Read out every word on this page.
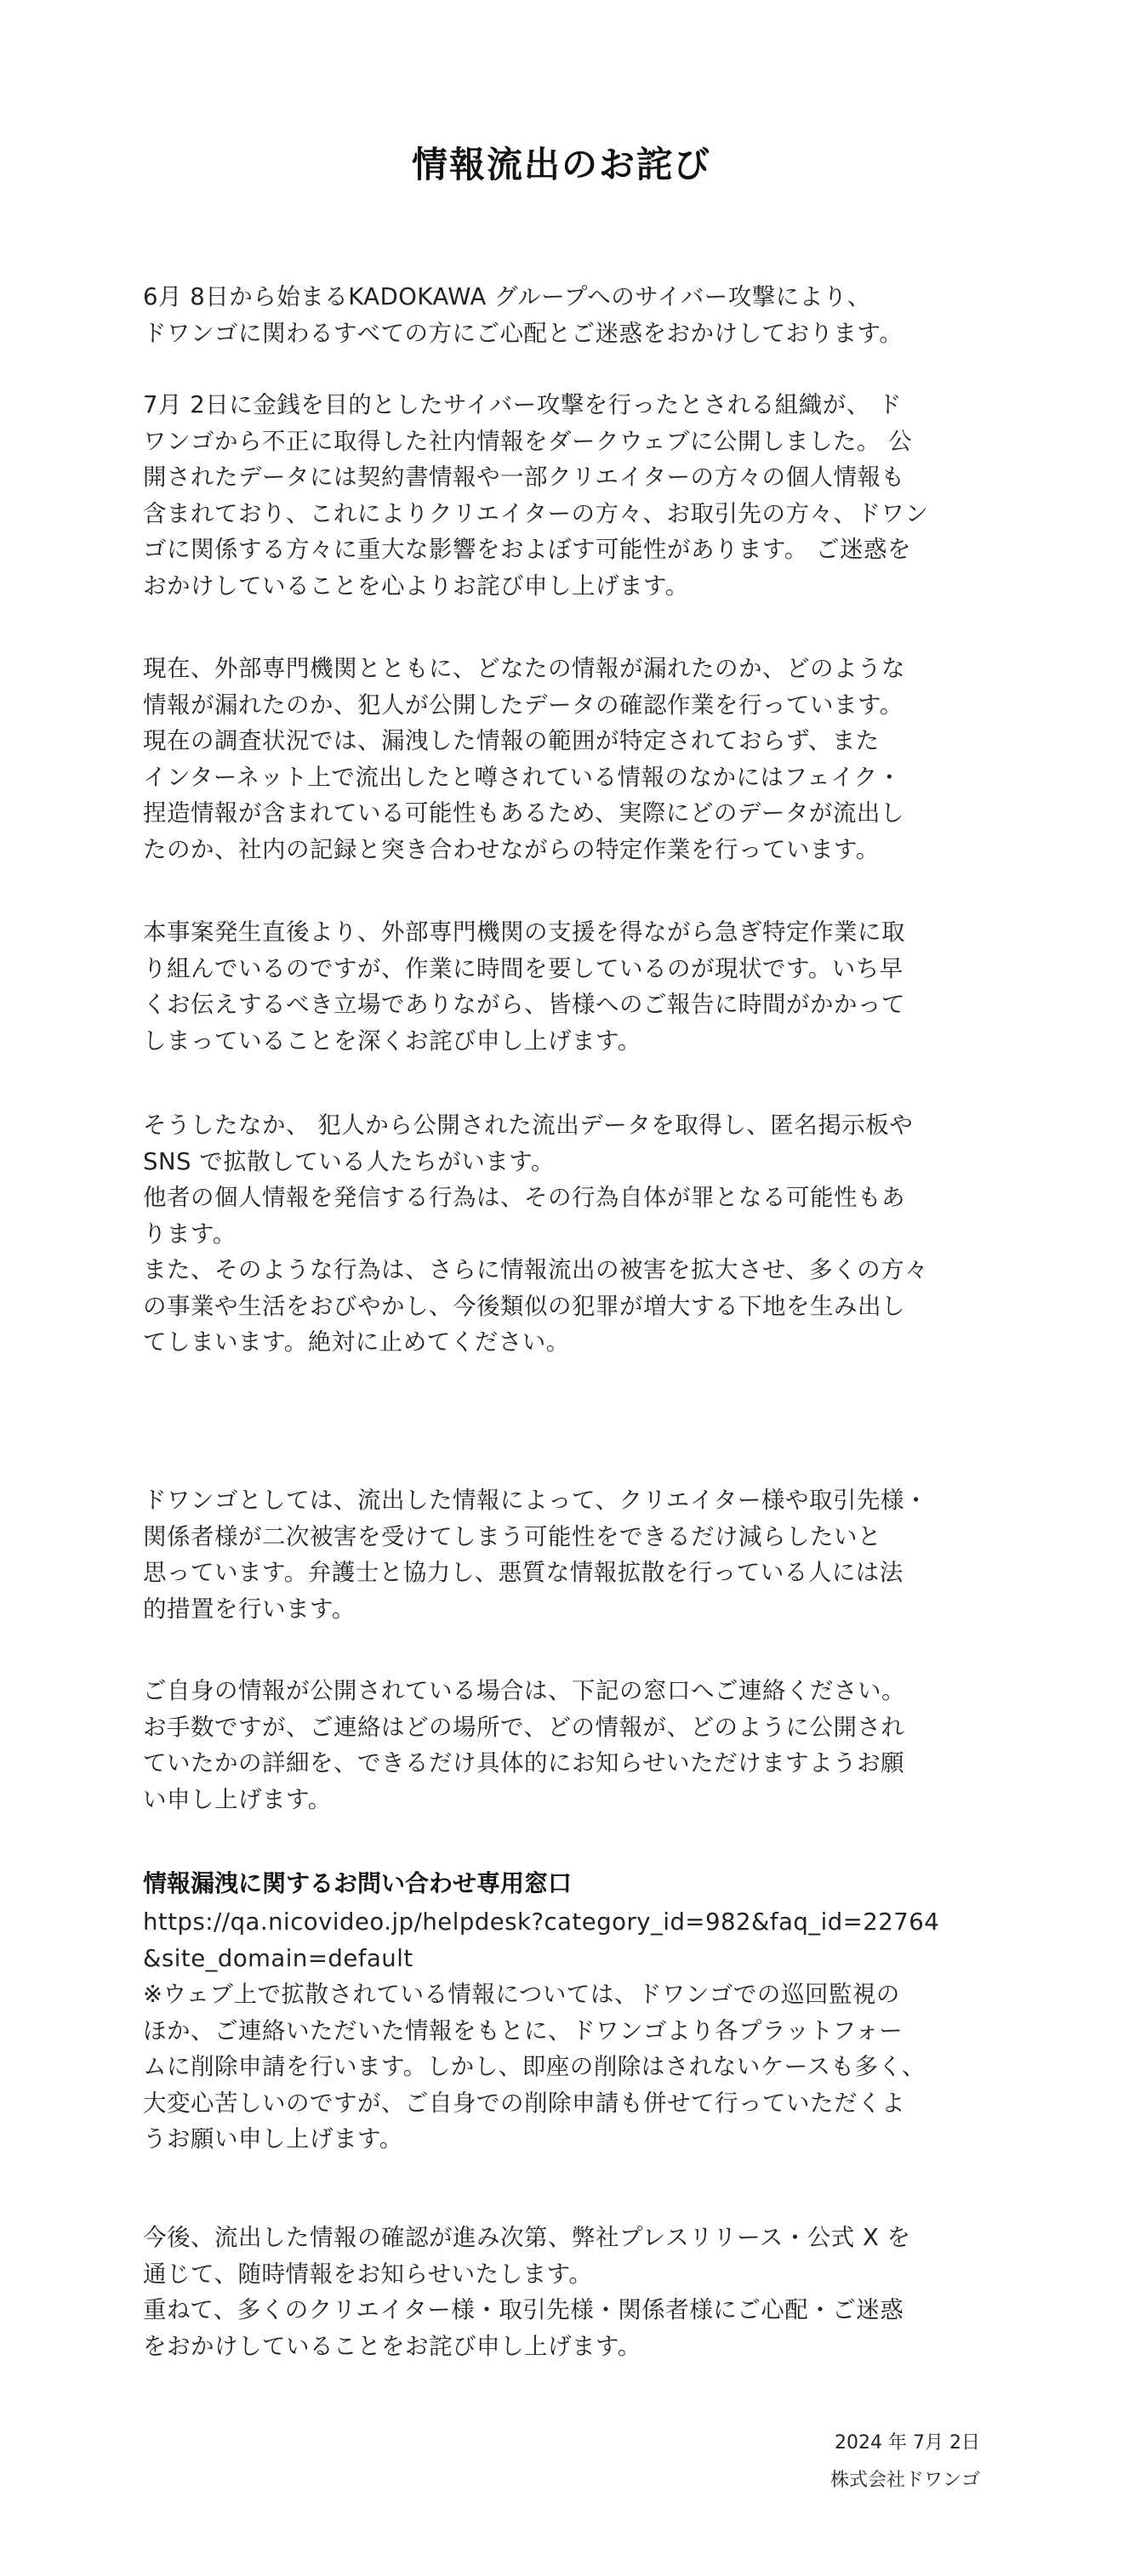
情報流出のお詫び
6月 8日から始まるKADOKAWA グループへのサイバー攻撃により、
ドワンゴに関わるすべての方にご心配とご迷惑をおかけしております。
7月 2日に金銭を目的としたサイバー攻撃を行ったとされる組織が、 ド
ワンゴから不正に取得した社内情報をダークウェブに公開しました。 公
開されたデータには契約書情報や一部クリエイターの方々の個人情報も
含まれており、これによりクリエイターの方々、お取引先の方々、ドワン
ゴに関係する方々に重大な影響をおよぼす可能性があります。 ご迷惑を
おかけしていることを心よりお詫び申し上げます。
現在、外部専門機関とともに、どなたの情報が漏れたのか、どのような
情報が漏れたのか、犯人が公開したデータの確認作業を行っています。
現在の調査状況では、漏洩した情報の範囲が特定されておらず、また
インターネット上で流出したと噂されている情報のなかにはフェイク・
捏造情報が含まれている可能性もあるため、実際にどのデータが流出し
たのか、社内の記録と突き合わせながらの特定作業を行っています。
本事案発生直後より、外部専門機関の支援を得ながら急ぎ特定作業に取
り組んでいるのですが、作業に時間を要しているのが現状です。いち早
くお伝えするべき立場でありながら、皆様へのご報告に時間がかかって
しまっていることを深くお詫び申し上げます。
そうしたなか、 犯人から公開された流出データを取得し、匿名掲示板や
SNS で拡散している人たちがいます。
他者の個人情報を発信する行為は、その行為自体が罪となる可能性もあ
ります。
また、そのような行為は、さらに情報流出の被害を拡大させ、多くの方々
の事業や生活をおびやかし、今後類似の犯罪が増大する下地を生み出し
てしまいます。絶対に止めてください。
ドワンゴとしては、流出した情報によって、クリエイター様や取引先様・
関係者様が二次被害を受けてしまう可能性をできるだけ減らしたいと
思っています。弁護士と協力し、悪質な情報拡散を行っている人には法
的措置を行います。
ご自身の情報が公開されている場合は、下記の窓口へご連絡ください。
お手数ですが、ご連絡はどの場所で、どの情報が、どのように公開され
ていたかの詳細を、できるだけ具体的にお知らせいただけますようお願
い申し上げます。
情報漏洩に関するお問い合わせ専用窓口
https://qa.nicovideo.jp/helpdesk?category_id=982&faq_id=22764
&site_domain=default
※ウェブ上で拡散されている情報については、ドワンゴでの巡回監視の
ほか、ご連絡いただいた情報をもとに、ドワンゴより各プラットフォー
ムに削除申請を行います。しかし、即座の削除はされないケースも多く、
大変心苦しいのですが、ご自身での削除申請も併せて行っていただくよ
うお願い申し上げます。
今後、流出した情報の確認が進み次第、弊社プレスリリース・公式 X を
通じて、随時情報をお知らせいたします。
重ねて、多くのクリエイター様・取引先様・関係者様にご心配・ご迷惑
をおかけしていることをお詫び申し上げます。
2024 年 7月 2日
株式会社ドワンゴ
